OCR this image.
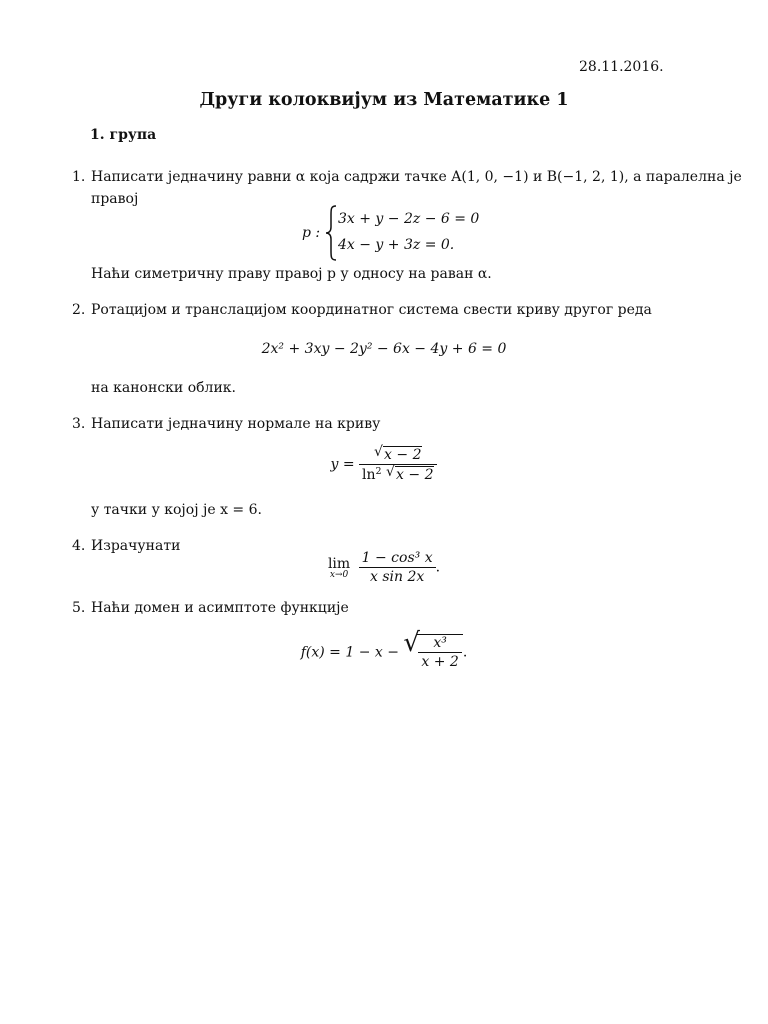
28.11.2016.
Други колоквијум из Математике 1
1. група
1. Написати једначину равни α која садржи тачке A(1, 0, −1) и B(−1, 2, 1), а паралелна је
правој
p :
3x + y − 2z − 6 = 0
4x − y + 3z = 0.
Наћи симетричну праву правој p у односу на раван α.
2. Ротацијом и транслацијом координатног система свести криву другог реда
2x² + 3xy − 2y² − 6x − 4y + 6 = 0
на канонски облик.
3. Написати једначину нормале на криву
$y = \frac{√ x - 2}{\ln^2 √ x - 2}$
у тачки у којој је x = 6.
4. Израчунати
lim
x→0
$\frac{\text{1 − cos³ x}}{\text{x sin 2x}}$ .
5. Наћи домен и асимптоте функције
f(x) = 1 − x − √
$\frac{\text{x³}}{x + 2}$ .
